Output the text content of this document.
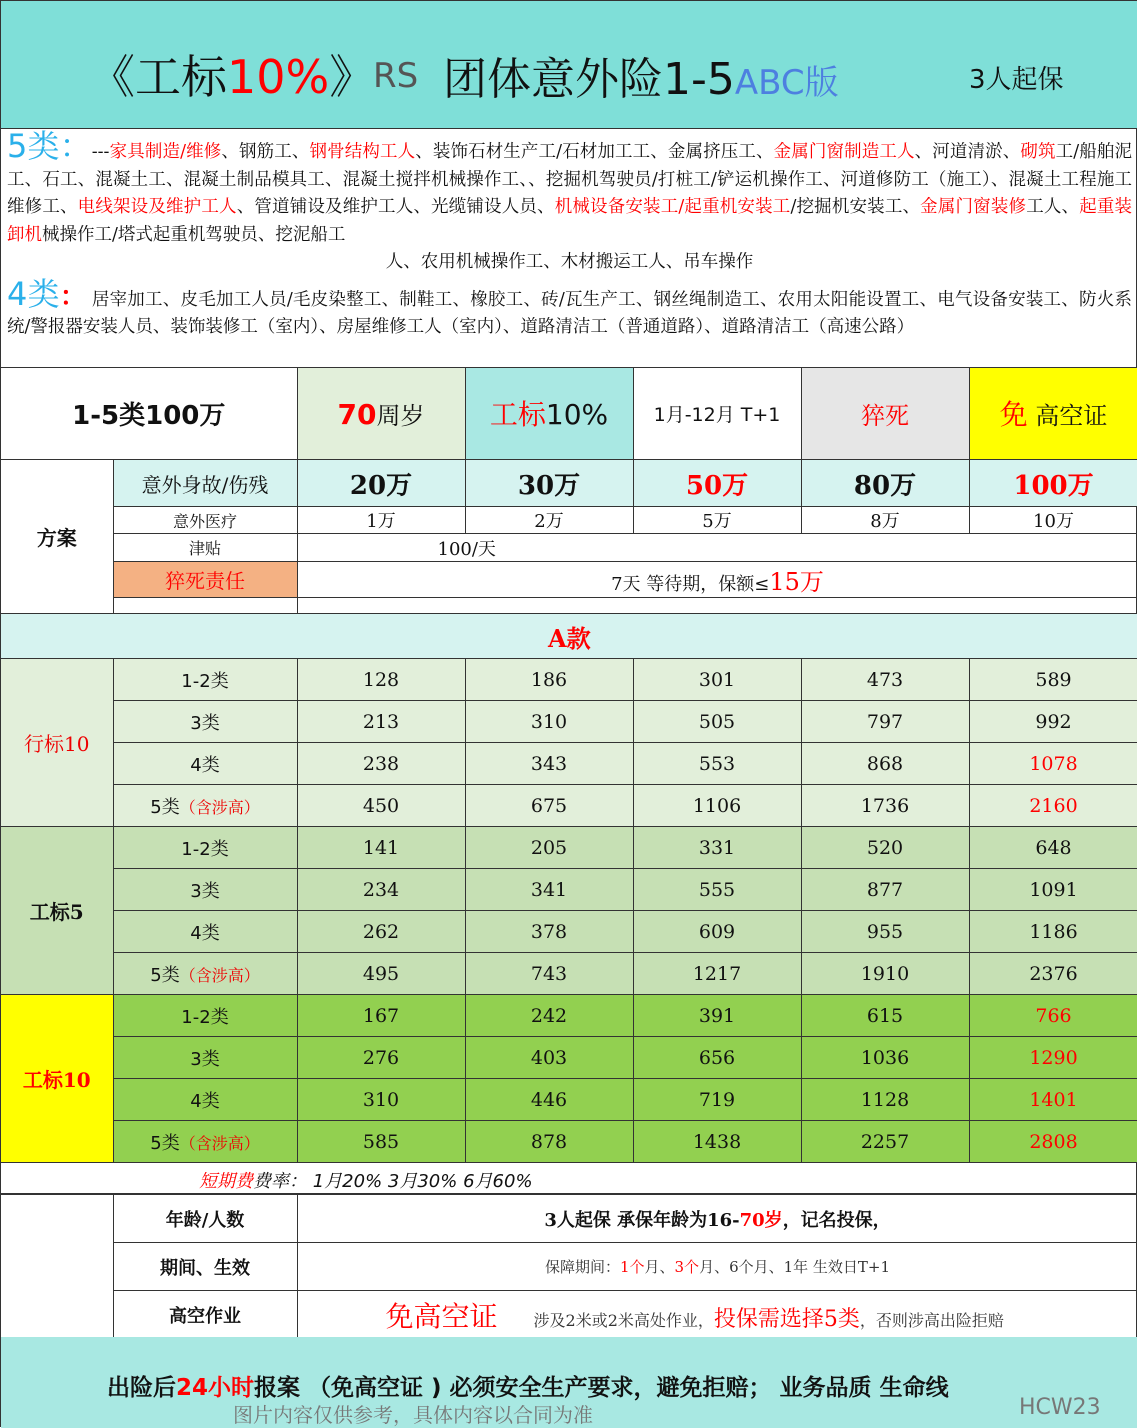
《工标10%》
RS 团体意外险1-5ABC版	3人起保

5类：---家具制造/维修、钢筋工、钢骨结构工人、装饰石材生产工/石材加工工、金属挤压工、金属门窗制造工人、河道清淤、砌筑工/船舶泥工、石工、混凝土工、混凝土制品模具工、混凝土搅拌机械操作工、、挖掘机驾驶员/打桩工/铲运机操作工、河道修防工（施工）、混凝土工程施工维修工、电线架设及维护工人、管道铺设及维护工人、光缆铺设人员、机械设备安装工/起重机安装工/挖掘机安装工、金属门窗装修工人、起重装卸机械操作工/塔式起重机驾驶员、挖泥船工

人、农用机械操作工、木材搬运工人、吊车操作

4类： 居宰加工、皮毛加工人员/毛皮染整工、制鞋工、橡胶工、砖/瓦生产工、钢丝绳制造工、农用太阳能设置工、电气设备安装工、防火系统/警报器安装人员、装饰装修工（室内）、房屋维修工人（室内）、道路清洁工（普通道路）、道路清洁工（高速公路）

1-5类100万	70周岁	工标10%	1月-12月 T+1	猝死	免 高空证
方案	意外身故/伤残	20万	30万	50万	80万	100万
	意外医疗	1万	2万	5万	8万	10万
	津贴	100/天				
	猝死责任	7天 等待期，保额≤15万				

A款						
行标10	1-2类	128	186	301	473	589
	3类	213	310	505	797	992
	4类	238	343	553	868	1078
	5类（含涉高）	450	675	1106	1736	2160
工标5	1-2类	141	205	331	520	648
	3类	234	341	555	877	1091
	4类	262	378	609	955	1186
	5类（含涉高）	495	743	1217	1910	2376
工标10	1-2类	167	242	391	615	766
	3类	276	403	656	1036	1290
	4类	310	446	719	1128	1401
	5类（含涉高）	585	878	1438	2257	2808
短期费费率： 1月20% 3月30% 6月60%
	年龄/人数	3人起保 承保年龄为16-70岁，记名投保，
	期间、生效	保障期间：1个月、3个月、6个月、1年 生效日T+1
	高空作业	免高空证 涉及2米或2米高处作业，投保需选择5类，否则涉高出险拒赔
出险后24小时报案 （免高空证 ) 必须安全生产要求，避免拒赔； 业务品质 生命线
图片内容仅供参考，具体内容以合同为准	HCW23
